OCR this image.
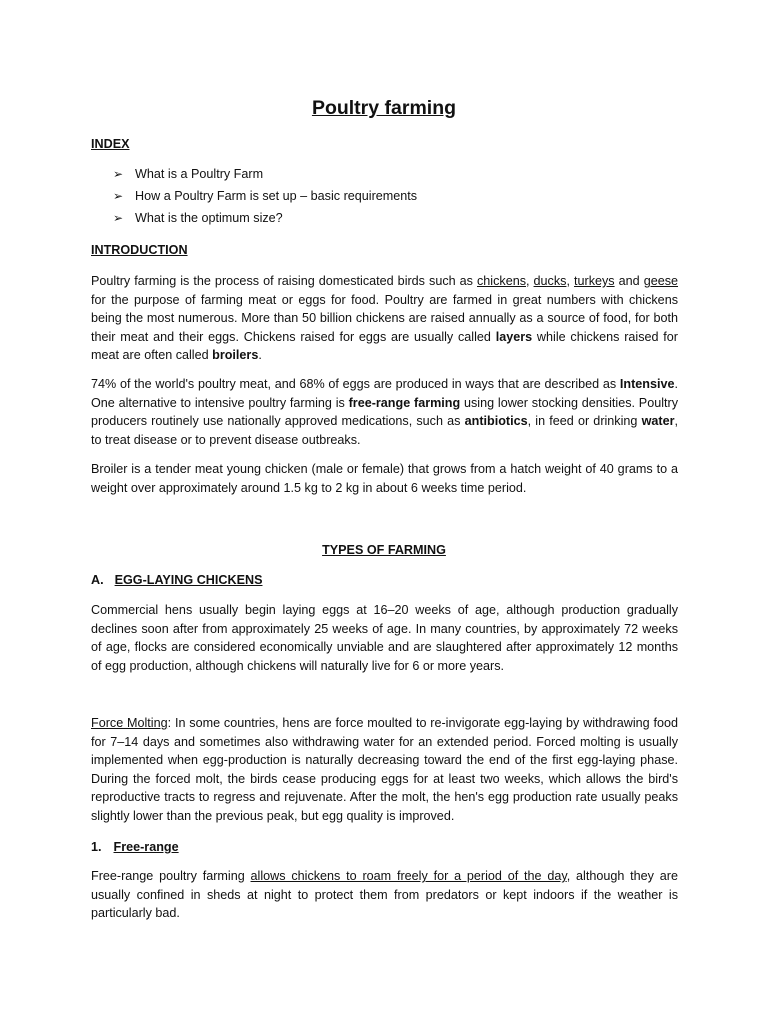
Poultry farming

INDEX

➢ What is a Poultry Farm
➢ How a Poultry Farm is set up – basic requirements
➢ What is the optimum size?

INTRODUCTION

Poultry farming is the process of raising domesticated birds such as chickens, ducks, turkeys and geese for the purpose of farming meat or eggs for food. Poultry are farmed in great numbers with chickens being the most numerous. More than 50 billion chickens are raised annually as a source of food, for both their meat and their eggs. Chickens raised for eggs are usually called layers while chickens raised for meat are often called broilers.

74% of the world's poultry meat, and 68% of eggs are produced in ways that are described as Intensive. One alternative to intensive poultry farming is free-range farming using lower stocking densities. Poultry producers routinely use nationally approved medications, such as antibiotics, in feed or drinking water, to treat disease or to prevent disease outbreaks.

Broiler is a tender meat young chicken (male or female) that grows from a hatch weight of 40 grams to a weight over approximately around 1.5 kg to 2 kg in about 6 weeks time period.

TYPES OF FARMING

A. EGG-LAYING CHICKENS

Commercial hens usually begin laying eggs at 16–20 weeks of age, although production gradually declines soon after from approximately 25 weeks of age. In many countries, by approximately 72 weeks of age, flocks are considered economically unviable and are slaughtered after approximately 12 months of egg production, although chickens will naturally live for 6 or more years.

Force Molting: In some countries, hens are force moulted to re-invigorate egg-laying by withdrawing food for 7–14 days and sometimes also withdrawing water for an extended period. Forced molting is usually implemented when egg-production is naturally decreasing toward the end of the first egg-laying phase. During the forced molt, the birds cease producing eggs for at least two weeks, which allows the bird's reproductive tracts to regress and rejuvenate. After the molt, the hen's egg production rate usually peaks slightly lower than the previous peak, but egg quality is improved.

1. Free-range

Free-range poultry farming allows chickens to roam freely for a period of the day, although they are usually confined in sheds at night to protect them from predators or kept indoors if the weather is particularly bad.
